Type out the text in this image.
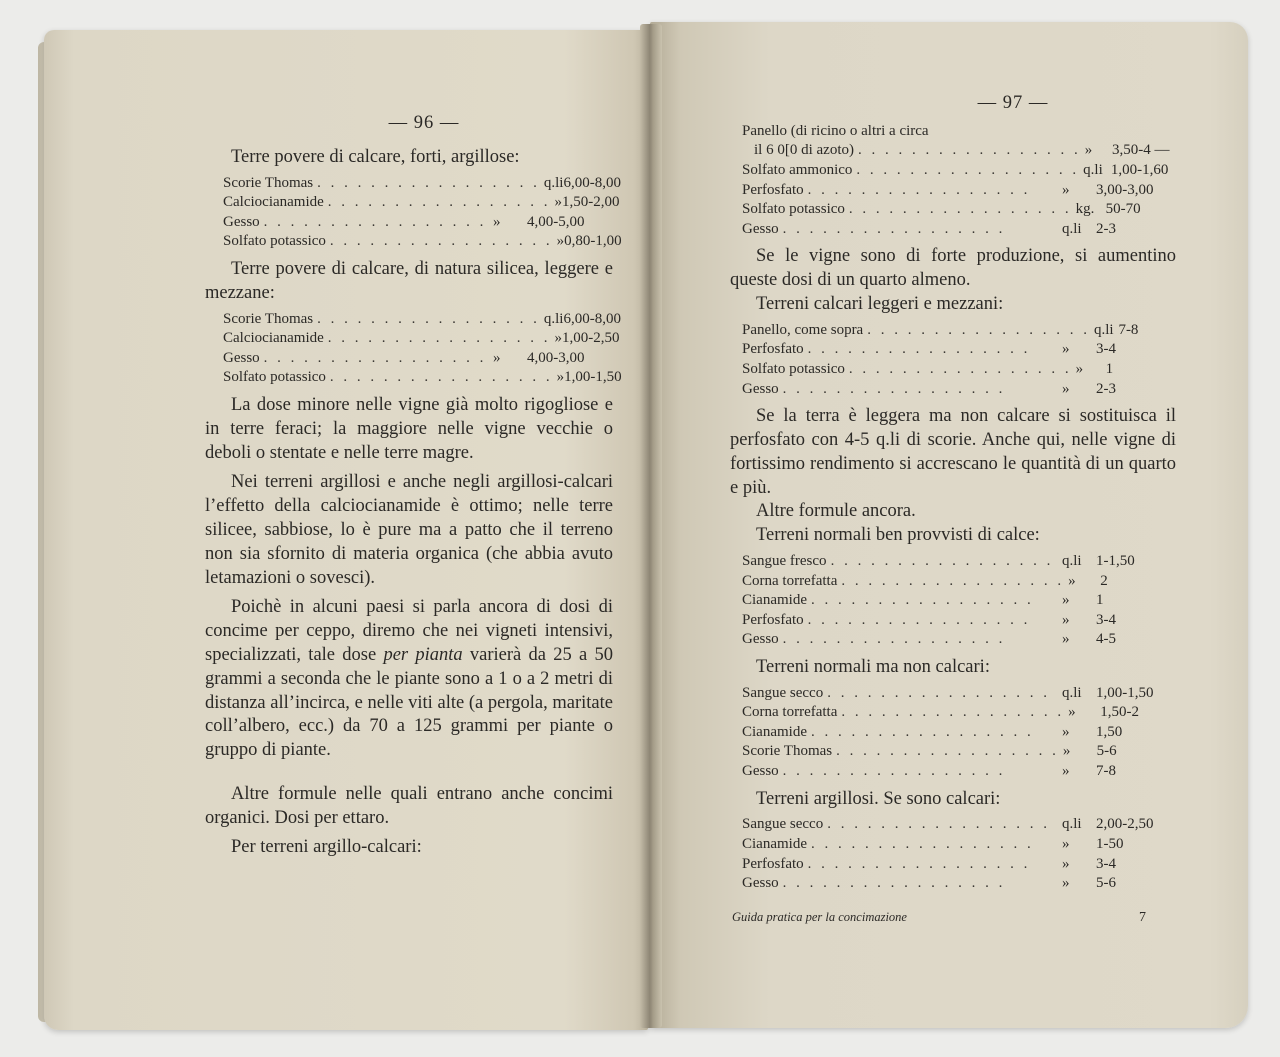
— 96 —

Terre povere di calcare, forti, argillose:

Scorie Thomas . . . . . . . . . . . . . . . . . q.li 6,00-8,00
Calciocianamide . . . . . . . . . . . . . . . . . » 1,50-2,00
Gesso . . . . . . . . . . . . . . . . . »	4,00-5,00
Solfato potassico . . . . . . . . . . . . . . . . . » 0,80-1,00

Terre povere di calcare, di natura silicea, leggere e mezzane:

Scorie Thomas . . . . . . . . . . . . . . . . . q.li 6,00-8,00
Calciocianamide . . . . . . . . . . . . . . . . . » 1,00-2,50
Gesso . . . . . . . . . . . . . . . . . »	4,00-3,00
Solfato potassico . . . . . . . . . . . . . . . . . » 1,00-1,50

La dose minore nelle vigne già molto rigogliose e in terre feraci; la maggiore nelle vigne vecchie o deboli o stentate e nelle terre magre.

Nei terreni argillosi e anche negli argillosi-calcari l’effetto della calciocianamide è ottimo; nelle terre silicee, sabbiose, lo è pure ma a patto che il terreno non sia sfornito di materia organica (che abbia avuto letamazioni o sovesci).

Poichè in alcuni paesi si parla ancora di dosi di concime per ceppo, diremo che nei vigneti intensivi, specializzati, tale dose per pianta varierà da 25 a 50 grammi a seconda che le piante sono a 1 o a 2 metri di distanza all’incirca, e nelle viti alte (a pergola, maritate coll’albero, ecc.) da 70 a 125 grammi per piante o gruppo di piante.

Altre formule nelle quali entrano anche concimi organici. Dosi per ettaro.

Per terreni argillo-calcari:

— 97 —
Panello (di ricino o altri a circa
il 6 0[0 di azoto) . . . . . . . . . . . . . . . . . »	3,50-4 —
Solfato ammonico . . . . . . . . . . . . . . . . . q.li 1,00-1,60
Perfosfato . . . . . . . . . . . . . . . . .	»	3,00-3,00
Solfato potassico . . . . . . . . . . . . . . . . . kg. 50-70
Gesso . . . . . . . . . . . . . . . . .	q.li 2-3

Se le vigne sono di forte produzione, si aumentino queste dosi di un quarto almeno.

Terreni calcari leggeri e mezzani:

Panello, come sopra . . . . . . . . . . . . . . . . . q.li 7-8
Perfosfato . . . . . . . . . . . . . . . . .	»	3-4
Solfato potassico . . . . . . . . . . . . . . . . . »	1
Gesso . . . . . . . . . . . . . . . . .	»	2-3

Se la terra è leggera ma non calcare si sostituisca il perfosfato con 4-5 q.li di scorie. Anche qui, nelle vigne di fortissimo rendimento si accrescano le quantità di un quarto e più.

Altre formule ancora.

Terreni normali ben provvisti di calce:

Sangue fresco . . . . . . . . . . . . . . . . . q.li 1-1,50
Corna torrefatta . . . . . . . . . . . . . . . . . »	2
Cianamide . . . . . . . . . . . . . . . . .	»	1
Perfosfato . . . . . . . . . . . . . . . . .	»	3-4
Gesso . . . . . . . . . . . . . . . . .	»	4-5

Terreni normali ma non calcari:

Sangue secco . . . . . . . . . . . . . . . . . q.li 1,00-1,50
Corna torrefatta . . . . . . . . . . . . . . . . . »	1,50-2
Cianamide . . . . . . . . . . . . . . . . .	»	1,50
Scorie Thomas . . . . . . . . . . . . . . . . . »	5-6
Gesso . . . . . . . . . . . . . . . . .	»	7-8

Terreni argillosi. Se sono calcari:

Sangue secco . . . . . . . . . . . . . . . . . q.li 2,00-2,50
Cianamide . . . . . . . . . . . . . . . . .	»	1-50
Perfosfato . . . . . . . . . . . . . . . . .	»	3-4
Gesso . . . . . . . . . . . . . . . . .	»	5-6
Guida pratica per la concimazione	7
